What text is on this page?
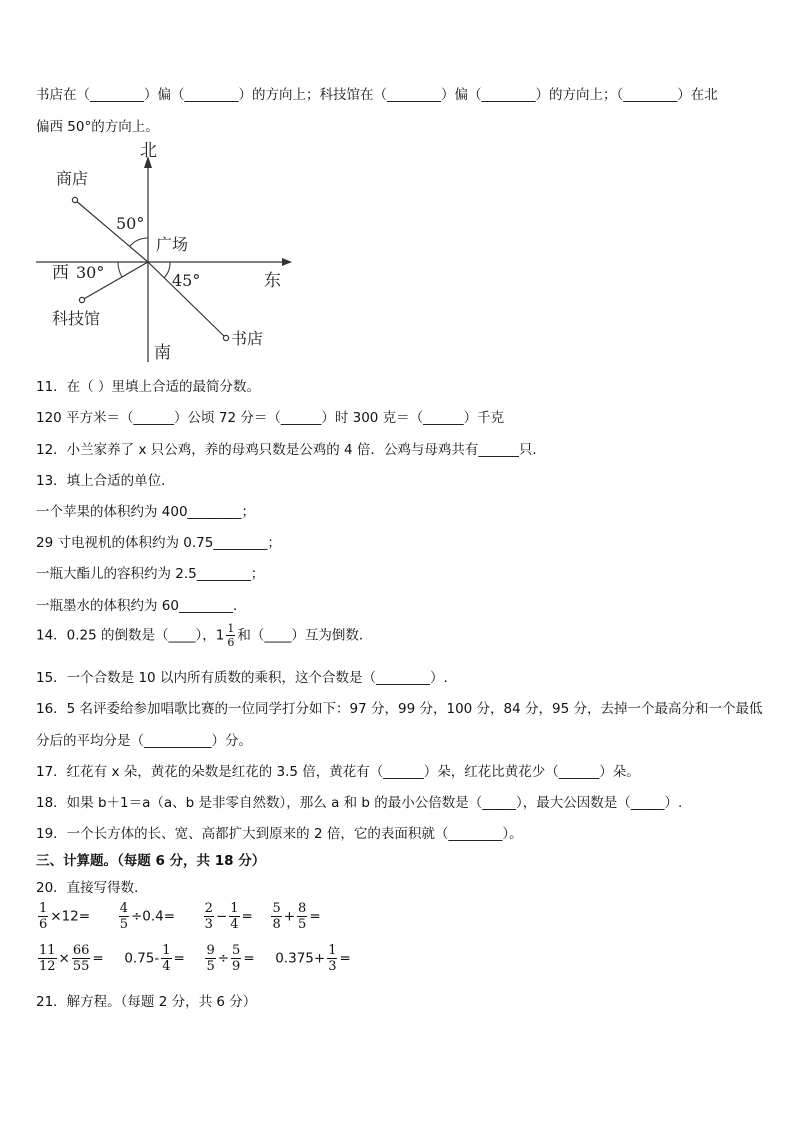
书店在（________）偏（________）的方向上；科技馆在（________）偏（________）的方向上；（________）在北
偏西 50°的方向上。
北
南
东
西
商店
广场
科技馆
书店
50°
30°	45°
11．在（ ）里填上合适的最简分数。
120 平方米＝（______）公顷 72 分＝（______）时 300 克＝（______）千克
12．小兰家养了 x 只公鸡，养的母鸡只数是公鸡的 4 倍．公鸡与母鸡共有______只．
13．填上合适的单位．
一个苹果的体积约为 400________；
29 寸电视机的体积约为 0.75________；
一瓶大酯儿的容积约为 2.5________；
一瓶墨水的体积约为 60________．
14．0.25 的倒数是（____），$1 \frac{1}{6}$ 和（____）互为倒数．
15．一个合数是 10 以内所有质数的乘积，这个合数是（________）.
16．5 名评委给参加唱歌比赛的一位同学打分如下：97 分，99 分，100 分，84 分，95 分，去掉一个最高分和一个最低
分后的平均分是（__________）分。
17．红花有 x 朵，黄花的朵数是红花的 3.5 倍，黄花有（______）朵，红花比黄花少（______）朵。
18．如果 b＋1＝a（a、b 是非零自然数），那么 a 和 b 的最小公倍数是（_____），最大公因数是（_____）.
19．一个长方体的长、宽、高都扩大到原来的 2 倍，它的表面积就（________）。
三、计算题。（每题 6 分，共 18 分）
20．直接写得数．
$\frac{1}{6} \times 12= \frac{4}{5} \div 0.4= \frac{2}{3} - \frac{1}{4} = \frac{5}{8} + \frac{8}{5}$ =
$\frac{11}{12} \times \frac{66}{55} = 0.75- \frac{1}{4} = \frac{9}{5} \div \frac{5}{9} = 0.375+ \frac{1}{3}$ =
21．解方程。（每题 2 分，共 6 分）
